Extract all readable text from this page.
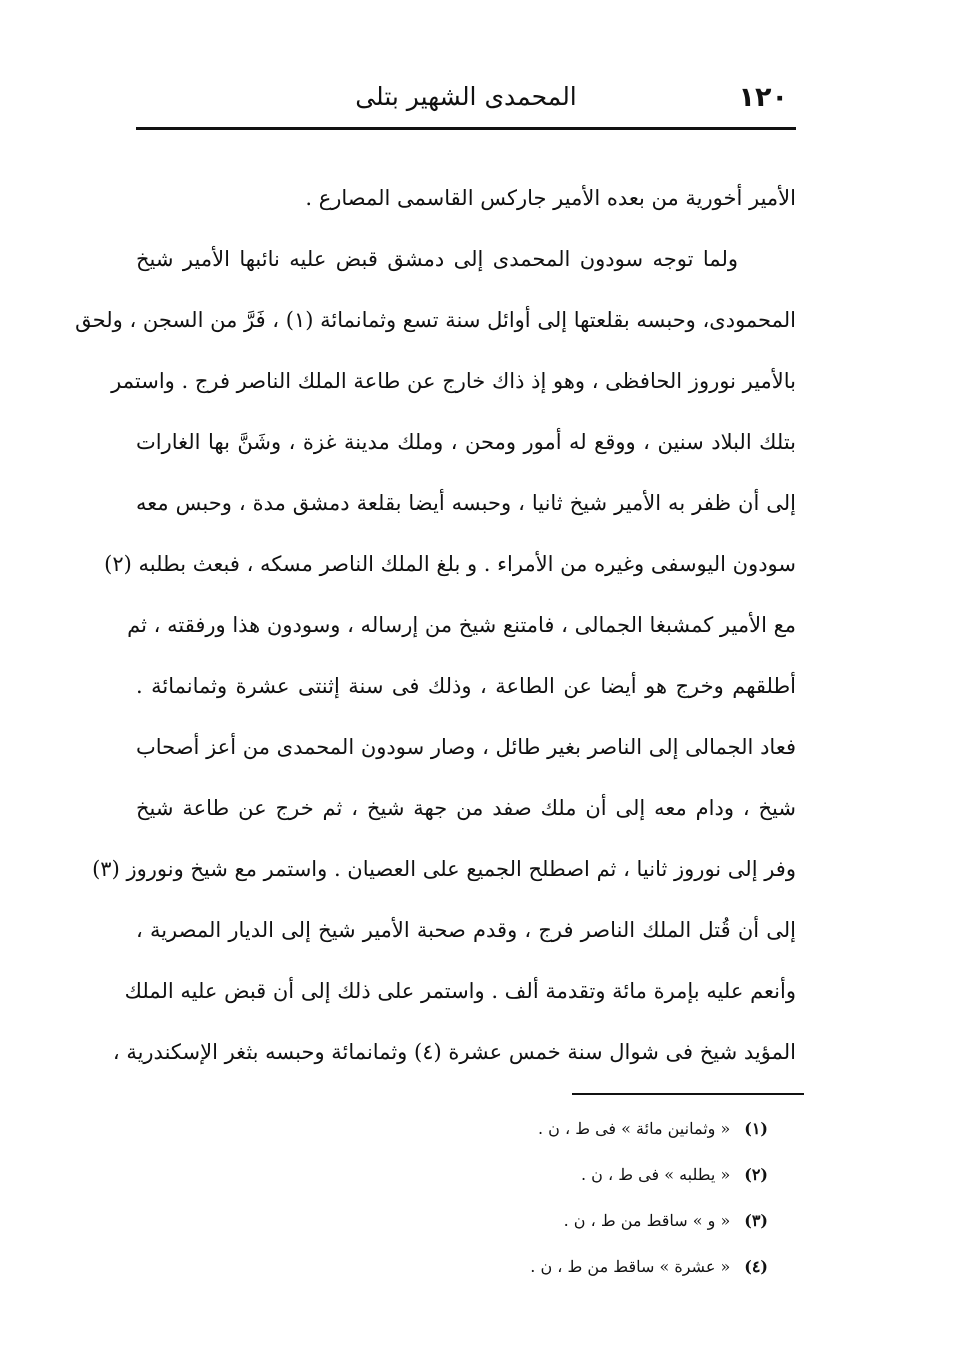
١٢٠
المحمدى الشهير بتلى
الأمير أخورية من بعده الأمير جاركس القاسمى المصارع .
ولما توجه سودون المحمدى إلى دمشق قبض عليه نائبها الأمير شيخ
المحمودى، وحبسه بقلعتها إلى أوائل سنة تسع وثمانمائة (١) ، فَرَّ من السجن ، ولحق
بالأمير نوروز الحافظى ، وهو إذ ذاك خارج عن طاعة الملك الناصر فرج . واستمر
بتلك البلاد سنين ، ووقع له أمور ومحن ، وملك مدينة غزة ، وشَنَّ بها الغارات
إلى أن ظفر به الأمير شيخ ثانيا ، وحبسه أيضا بقلعة دمشق مدة ، وحبس معه
سودون اليوسفى وغيره من الأمراء . و بلغ الملك الناصر مسكه ، فبعث بطلبه (٢)
مع الأمير كمشبغا الجمالى ، فامتنع شيخ من إرساله ، وسودون هذا ورفقته ، ثم
أطلقهم وخرج هو أيضا عن الطاعة ، وذلك فى سنة إثنتى عشرة وثمانمائة .
فعاد الجمالى إلى الناصر بغير طائل ، وصار سودون المحمدى من أعز أصحاب
شيخ ، ودام معه إلى أن ملك صفد من جهة شيخ ، ثم خرج عن طاعة شيخ
وفر إلى نوروز ثانيا ، ثم اصطلح الجميع على العصيان . واستمر مع شيخ ونوروز (٣)
إلى أن قُتل الملك الناصر فرج ، وقدم صحبة الأمير شيخ إلى الديار المصرية ،
وأنعم عليه بإمرة مائة وتقدمة ألف . واستمر على ذلك إلى أن قبض عليه الملك
المؤيد شيخ فى شوال سنة خمس عشرة (٤) وثمانمائة وحبسه بثغر الإسكندرية ،
(١)« وثمانين مائة » فى ط ، ن .
(٢)« يطلبه » فى ط ، ن .
(٣)« و » ساقط من ط ، ن .
(٤)« عشرة » ساقط من ط ، ن .
